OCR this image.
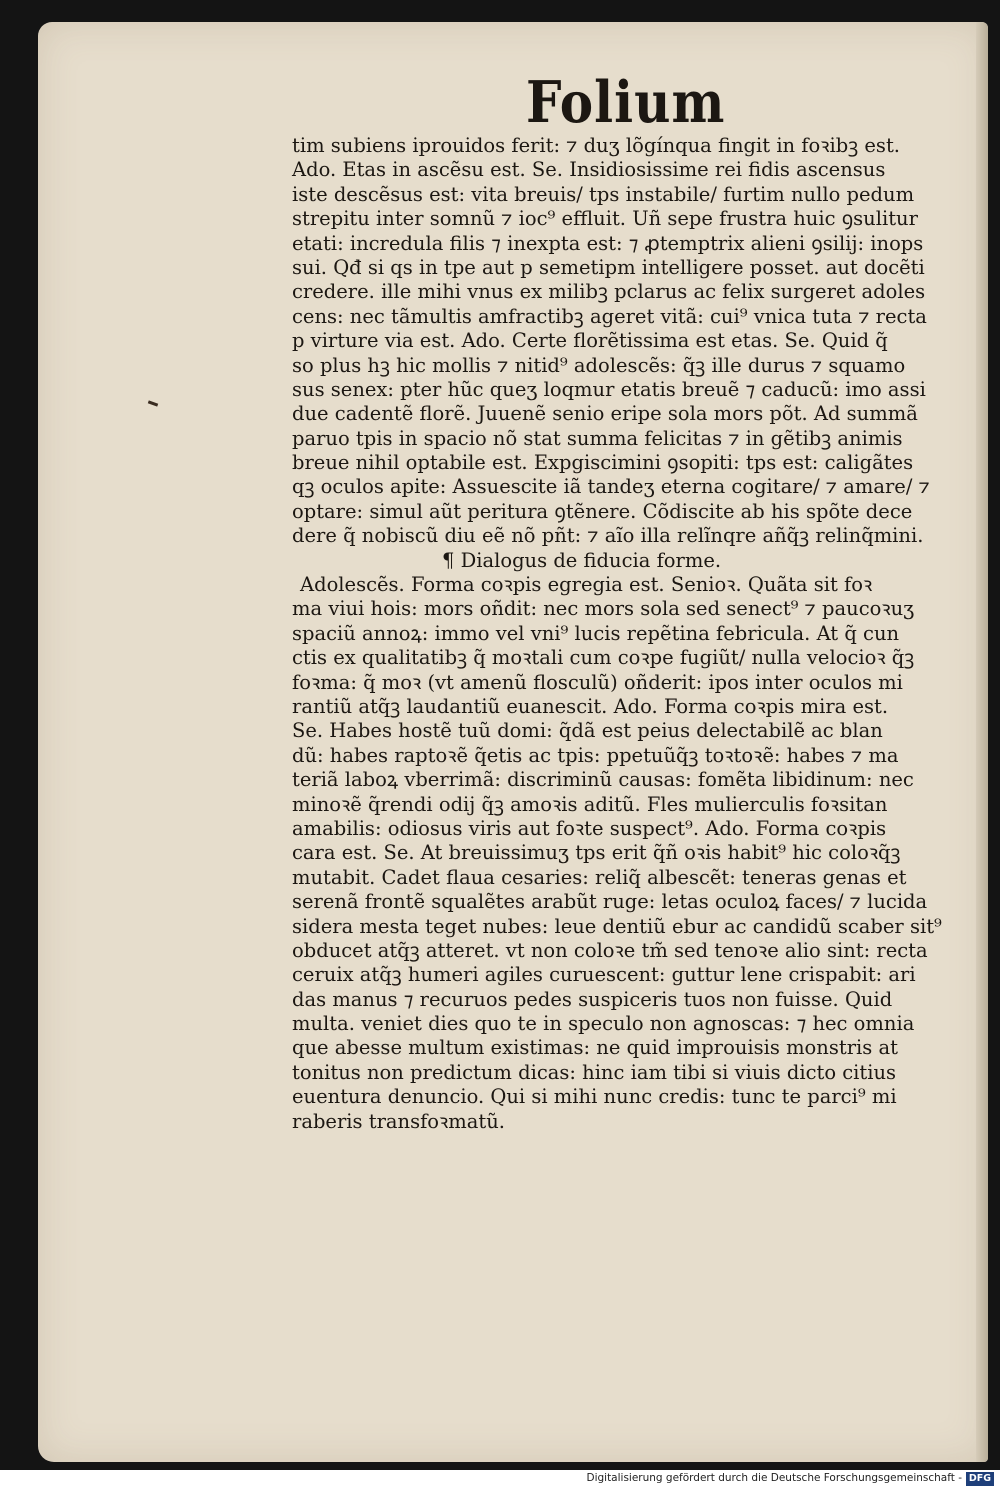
Folium
tim subiens iprouidos ferit: ⁊ duʒ lõgínqua fingit in foꝛibꝫ est.
Ado. Etas in ascẽsu est. Se. Insidiosissime rei fidis ascensus
iste descẽsus est: vita breuis/ tps instabile/ furtim nullo pedum
strepitu inter somnũ ⁊ ioc⁹ effluit. Uñ sepe frustra huic ꝯsulitur
etati: incredula filis ⁊ inexpta est: ⁊ ꝓtemptrix alieni ꝯsilij: inops
sui. Qđ si qs in tpe aut p semetipm intelligere posset. aut docẽti
credere. ille mihi vnus ex milibꝫ pclarus ac felix surgeret adoles
cens: nec tãmultis amfractibꝫ ageret vitã: cui⁹ vnica tuta ⁊ recta
p virture via est. Ado. Certe florẽtissima est etas. Se. Quid q̃
so plus hꝫ hic mollis ⁊ nitid⁹ adolescẽs: q̃ꝫ ille durus ⁊ squamo
sus senex: pter hũc queʒ loqmur etatis breuẽ ⁊ caducũ: imo assi
due cadentẽ florẽ. Juuenẽ senio eripe sola mors põt. Ad summã
paruo tpis in spacio nõ stat summa felicitas ⁊ in gẽtibꝫ animis
breue nihil optabile est. Expgiscimini ꝯsopiti: tps est: caligãtes
qꝫ oculos apite: Assuescite iã tandeʒ eterna cogitare/ ⁊ amare/ ⁊
optare: simul aũt peritura ꝯtẽnere. Cõdiscite ab his spõte dece
dere q̃ nobiscũ diu eẽ nõ pñt: ⁊ aĩo illa relĩnqre añq̃ꝫ relinq̃mini.
¶ Dialogus de fiducia forme.
Adolescẽs. Forma coꝛpis egregia est. Senioꝛ. Quãta sit foꝛ
ma viui hois: mors oñdit: nec mors sola sed senect⁹ ⁊ paucoꝛuʒ
spaciũ annoꝝ: immo vel vni⁹ lucis repẽtina febricula. At q̃ cun
ctis ex qualitatibꝫ q̃ moꝛtali cum coꝛpe fugiũt/ nulla velocioꝛ q̃ꝫ
foꝛma: q̃ moꝛ (vt amenũ flosculũ) oñderit: ipos inter oculos mi
rantiũ atq̃ꝫ laudantiũ euanescit. Ado. Forma coꝛpis mira est.
Se. Habes hostẽ tuũ domi: q̃dã est peius delectabilẽ ac blan
dũ: habes raptoꝛẽ q̃etis ac tpis: ppetuũq̃ꝫ toꝛtoꝛẽ: habes ⁊ ma
teriã laboꝝ vberrimã: discriminũ causas: fomẽta libidinum: nec
minoꝛẽ q̃rendi odij q̃ꝫ amoꝛis aditũ. Fles mulierculis foꝛsitan
amabilis: odiosus viris aut foꝛte suspect⁹. Ado. Forma coꝛpis
cara est. Se. At breuissimuʒ tps erit q̃ñ oꝛis habit⁹ hic coloꝛq̃ꝫ
mutabit. Cadet flaua cesaries: reliq̃ albescẽt: teneras genas et
serenã frontẽ squalẽtes arabũt ruge: letas oculoꝝ faces/ ⁊ lucida
sidera mesta teget nubes: leue dentiũ ebur ac candidũ scaber sit⁹
obducet atq̃ꝫ atteret. vt non coloꝛe tm̃ sed tenoꝛe alio sint: recta
ceruix atq̃ꝫ humeri agiles curuescent: guttur lene crispabit: ari
das manus ⁊ recuruos pedes suspiceris tuos non fuisse. Quid
multa. veniet dies quo te in speculo non agnoscas: ⁊ hec omnia
que abesse multum existimas: ne quid improuisis monstris at
tonitus non predictum dicas: hinc iam tibi si viuis dicto citius
euentura denuncio. Qui si mihi nunc credis: tunc te parci⁹ mi
raberis transfoꝛmatũ.
Digitalisierung gefördert durch die Deutsche Forschungsgemeinschaft - DFG
